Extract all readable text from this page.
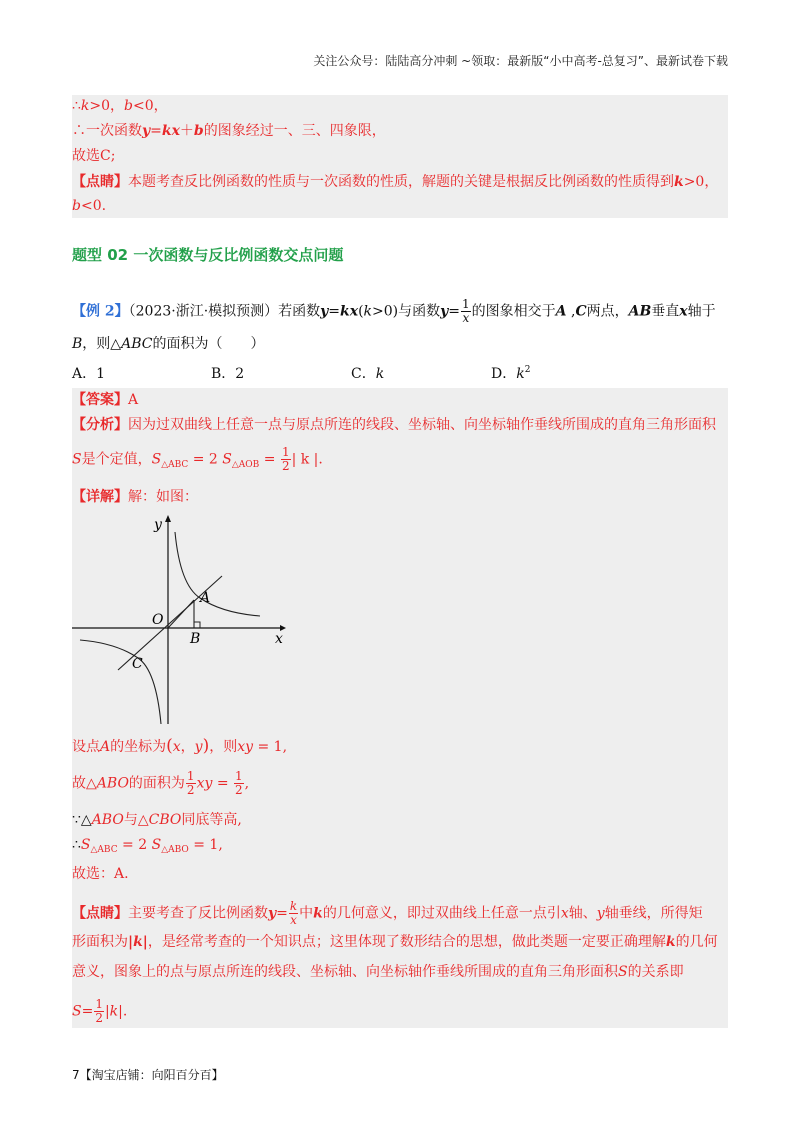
关注公众号：陆陆高分冲刺 ~领取：最新版“小中高考-总复习”、最新试卷下载
∴k>0，b<0，
∴一次函数y=kx＋b的图象经过一、三、四象限，
故选C;
【点睛】本题考查反比例函数的性质与一次函数的性质，解题的关键是根据反比例函数的性质得到k>0，
b<0.
题型 02 一次函数与反比例函数交点问题
【例 2】（2023·浙江·模拟预测）若函数y=kx(k>0)与函数$y= \frac{1}{x}$ 的图象相交于A ,C两点，AB垂直x轴于
B，则△ABC的面积为（　　）
A．1	B．2	C．k	D．$k^2$
【答案】A
【分析】因为过双曲线上任意一点与原点所连的线段、坐标轴、向坐标轴作垂线所围成的直角三角形面积
S是个定值，$S_{\triangle ABC} = 2$ $S_{\triangle AOB} = \frac{1}{2}$ | k |.
【详解】解：如图：
y
x
O
A
B
C
设点A的坐标为(x，y)，则xy = 1,
故△ABO的面积为 $\frac{1}{2}$ xy = $\frac{1}{2}$ ,
∵△ABO与△CBO同底等高,
$\therefore S_{\triangle ABC} = 2$ $S_{\triangle ABO} = 1$,
故选：A.
【点睛】主要考查了反比例函数$y= \frac{k}{x}$ 中k的几何意义，即过双曲线上任意一点引x轴、y轴垂线，所得矩
形面积为|k|，是经常考查的一个知识点；这里体现了数形结合的思想，做此类题一定要正确理解k的几何
意义，图象上的点与原点所连的线段、坐标轴、向坐标轴作垂线所围成的直角三角形面积S的关系即
$S= \frac{1}{2} |k|$.
7【淘宝店铺：向阳百分百】
